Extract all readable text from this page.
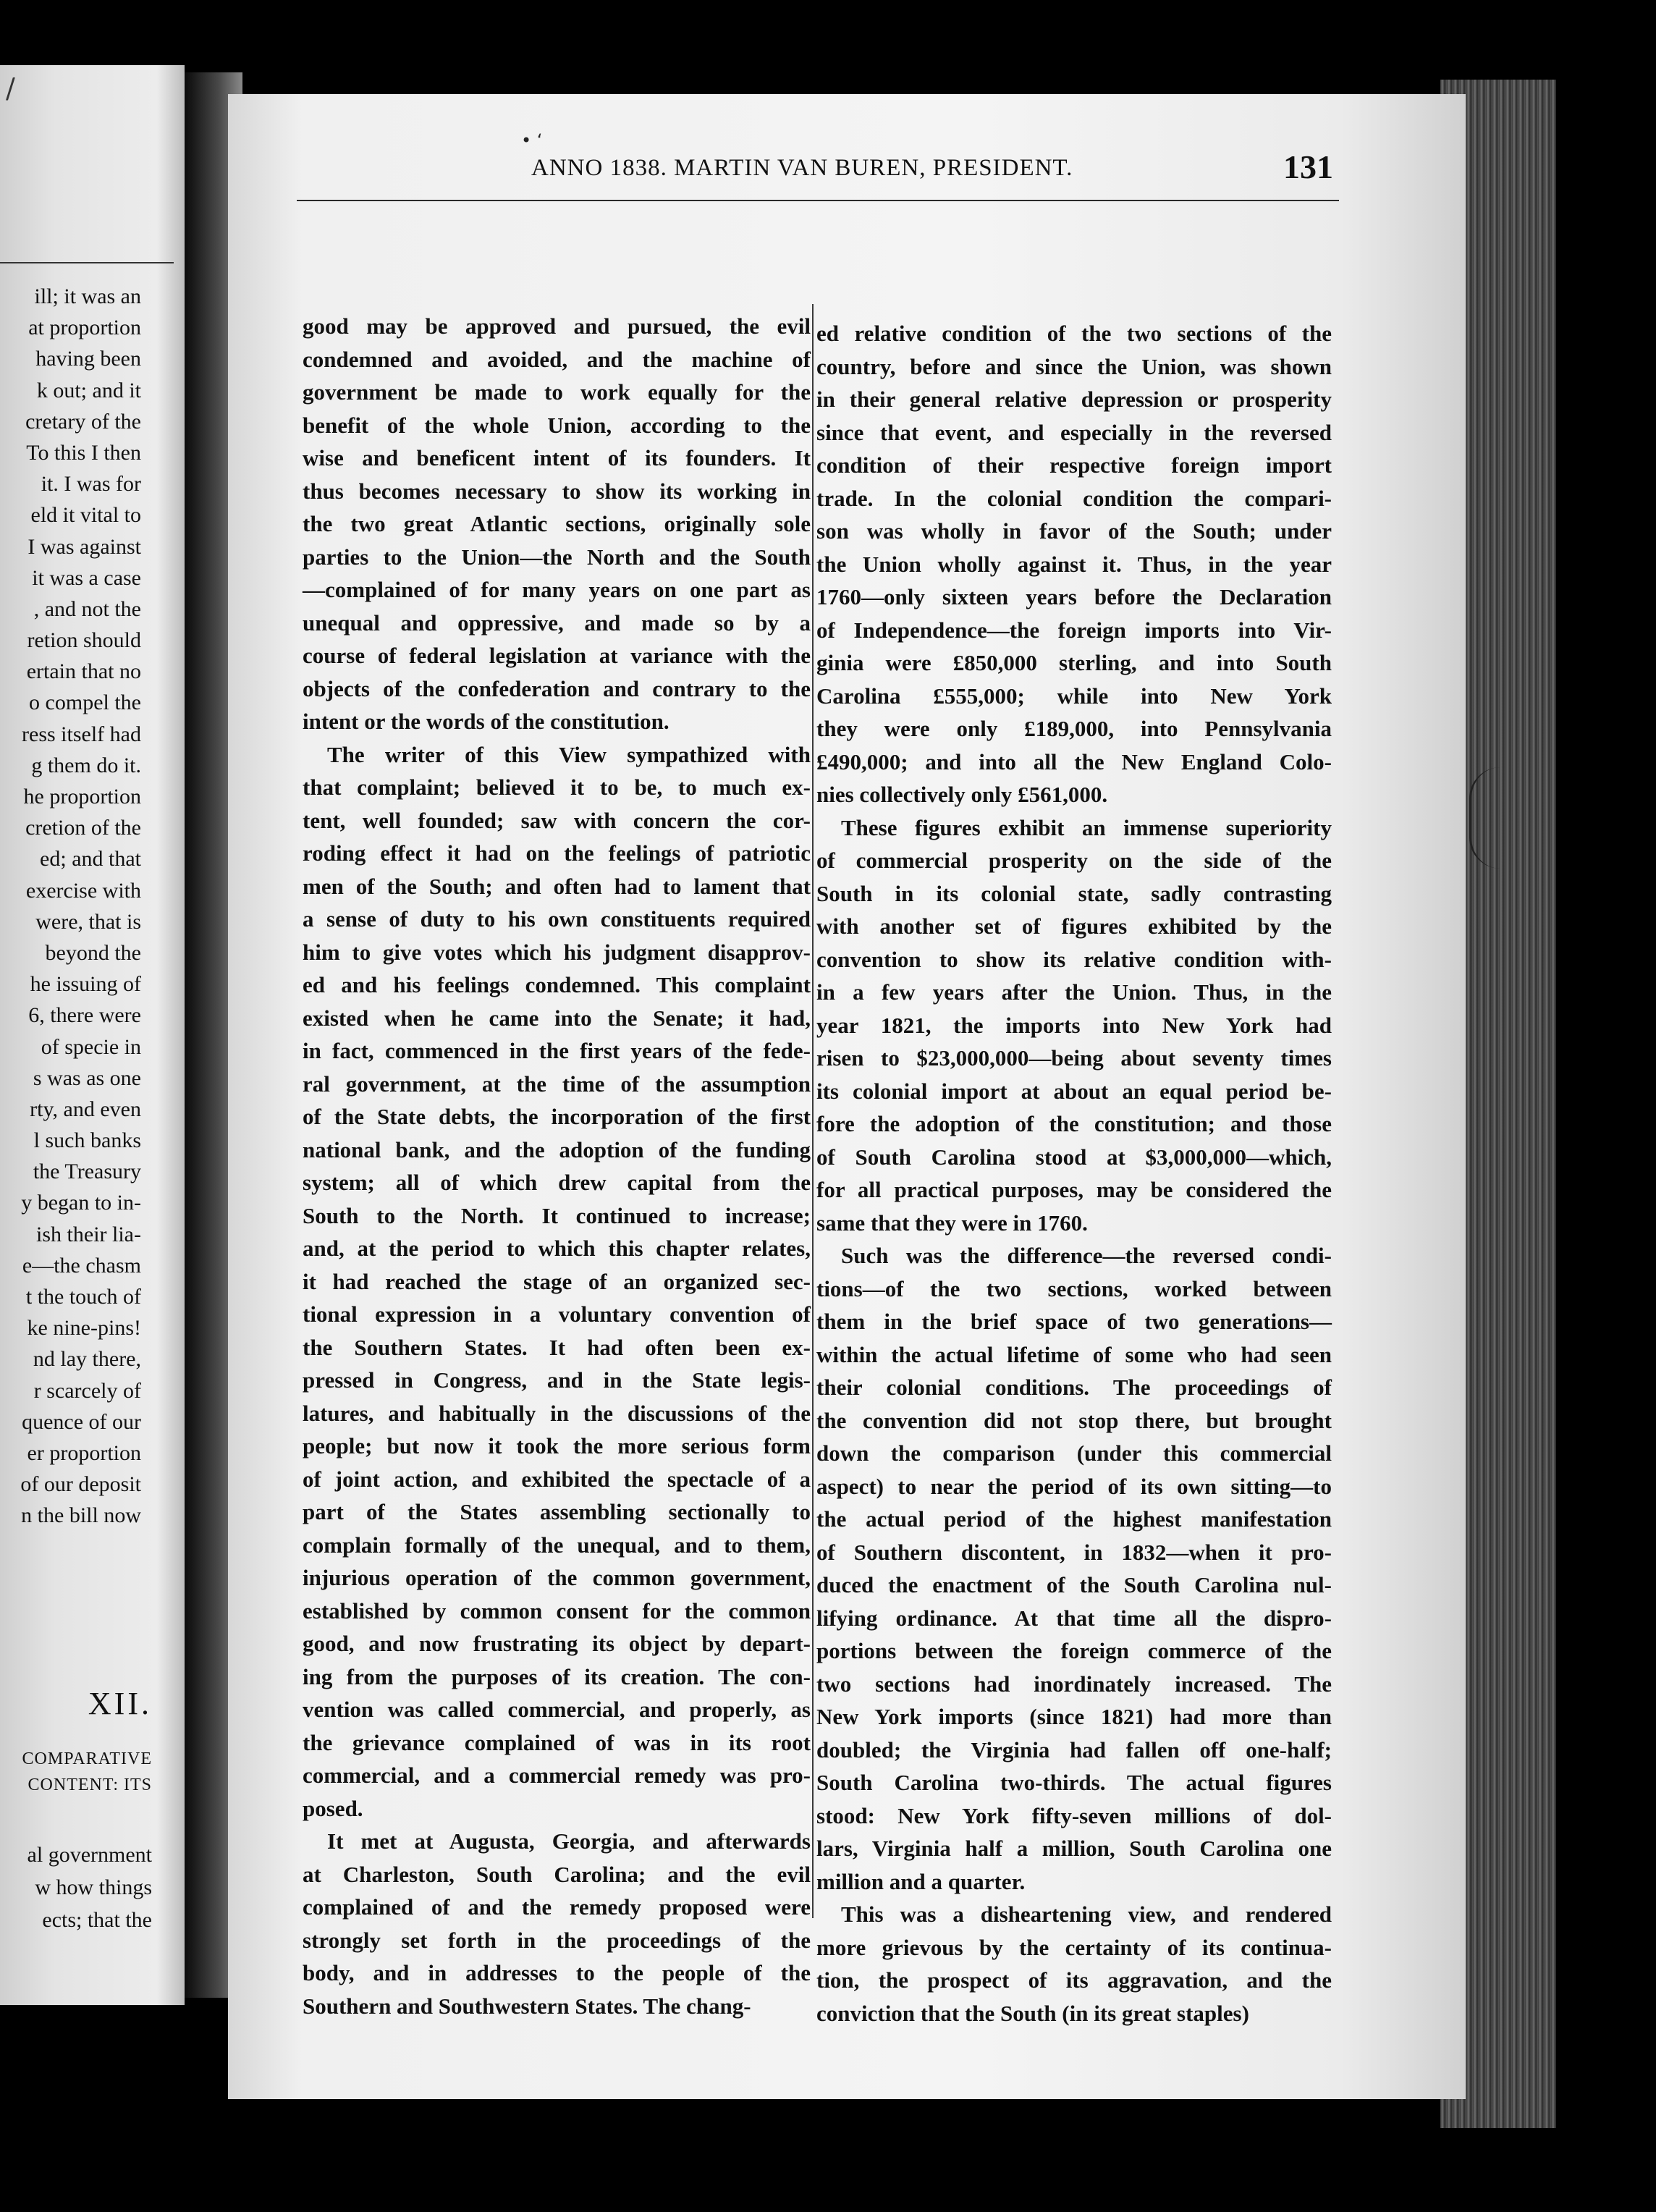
/
ill; it was an
at proportion
having been
k out; and it
cretary of the
To this I then
it. I was for
eld it vital to
I was against
it was a case
, and not the
retion should
ertain that no
o compel the
ress itself had
g them do it.
he proportion
cretion of the
ed; and that
exercise with
were, that is
beyond the
he issuing of
6, there were
of specie in
s was as one
rty, and even
l such banks
the Treasury
y began to in-
ish their lia-
e—the chasm
t the touch of
ke nine-pins!
nd lay there,
r scarcely of
quence of our
er proportion
of our deposit
n the bill now
XII.
COMPARATIVE
CONTENT: ITS
al government
w how things
ects; that the
• ‘
ANNO 1838. MARTIN VAN BUREN, PRESIDENT.	131
good may be approved and pursued, the evil
condemned and avoided, and the machine of
government be made to work equally for the
benefit of the whole Union, according to the
wise and beneficent intent of its founders. It
thus becomes necessary to show its working in
the two great Atlantic sections, originally sole
parties to the Union—the North and the South
—complained of for many years on one part as
unequal and oppressive, and made so by a
course of federal legislation at variance with the
objects of the confederation and contrary to the
intent or the words of the constitution.
The writer of this View sympathized with
that complaint; believed it to be, to much ex-
tent, well founded; saw with concern the cor-
roding effect it had on the feelings of patriotic
men of the South; and often had to lament that
a sense of duty to his own constituents required
him to give votes which his judgment disapprov-
ed and his feelings condemned. This complaint
existed when he came into the Senate; it had,
in fact, commenced in the first years of the fede-
ral government, at the time of the assumption
of the State debts, the incorporation of the first
national bank, and the adoption of the funding
system; all of which drew capital from the
South to the North. It continued to increase;
and, at the period to which this chapter relates,
it had reached the stage of an organized sec-
tional expression in a voluntary convention of
the Southern States. It had often been ex-
pressed in Congress, and in the State legis-
latures, and habitually in the discussions of the
people; but now it took the more serious form
of joint action, and exhibited the spectacle of a
part of the States assembling sectionally to
complain formally of the unequal, and to them,
injurious operation of the common government,
established by common consent for the common
good, and now frustrating its object by depart-
ing from the purposes of its creation. The con-
vention was called commercial, and properly, as
the grievance complained of was in its root
commercial, and a commercial remedy was pro-
posed.
It met at Augusta, Georgia, and afterwards
at Charleston, South Carolina; and the evil
complained of and the remedy proposed were
strongly set forth in the proceedings of the
body, and in addresses to the people of the
Southern and Southwestern States. The chang-
ed relative condition of the two sections of the
country, before and since the Union, was shown
in their general relative depression or prosperity
since that event, and especially in the reversed
condition of their respective foreign import
trade. In the colonial condition the compari-
son was wholly in favor of the South; under
the Union wholly against it. Thus, in the year
1760—only sixteen years before the Declaration
of Independence—the foreign imports into Vir-
ginia were £850,000 sterling, and into South
Carolina £555,000; while into New York
they were only £189,000, into Pennsylvania
£490,000; and into all the New England Colo-
nies collectively only £561,000.
These figures exhibit an immense superiority
of commercial prosperity on the side of the
South in its colonial state, sadly contrasting
with another set of figures exhibited by the
convention to show its relative condition with-
in a few years after the Union. Thus, in the
year 1821, the imports into New York had
risen to $23,000,000—being about seventy times
its colonial import at about an equal period be-
fore the adoption of the constitution; and those
of South Carolina stood at $3,000,000—which,
for all practical purposes, may be considered the
same that they were in 1760.
Such was the difference—the reversed condi-
tions—of the two sections, worked between
them in the brief space of two generations—
within the actual lifetime of some who had seen
their colonial conditions. The proceedings of
the convention did not stop there, but brought
down the comparison (under this commercial
aspect) to near the period of its own sitting—to
the actual period of the highest manifestation
of Southern discontent, in 1832—when it pro-
duced the enactment of the South Carolina nul-
lifying ordinance. At that time all the dispro-
portions between the foreign commerce of the
two sections had inordinately increased. The
New York imports (since 1821) had more than
doubled; the Virginia had fallen off one-half;
South Carolina two-thirds. The actual figures
stood: New York fifty-seven millions of dol-
lars, Virginia half a million, South Carolina one
million and a quarter.
This was a disheartening view, and rendered
more grievous by the certainty of its continua-
tion, the prospect of its aggravation, and the
conviction that the South (in its great staples)
